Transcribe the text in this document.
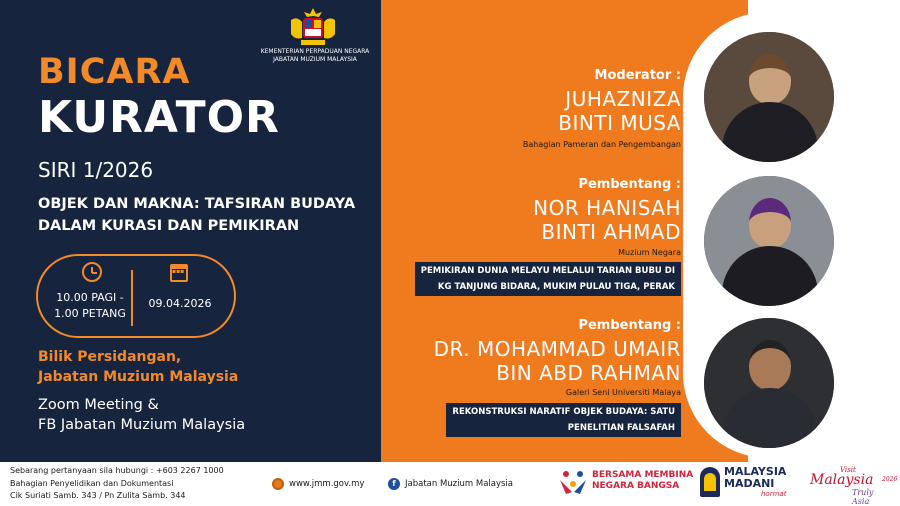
KEMENTERIAN PERPADUAN NEGARA
JABATAN MUZIUM MALAYSIA
BICARA
KURATOR
SIRI 1/2026
OBJEK DAN MAKNA: TAFSIRAN BUDAYA
DALAM KURASI DAN PEMIKIRAN
▪▪▪
10.00 PAGI -
1.00 PETANG
09.04.2026
Bilik Persidangan,
Jabatan Muzium Malaysia
Zoom Meeting &
FB Jabatan Muzium Malaysia
Moderator :
JUHAZNIZA
BINTI MUSA
Bahagian Pameran dan Pengembangan
Pembentang :
NOR HANISAH
BINTI AHMAD
Muzium Negara
PEMIKIRAN DUNIA MELAYU MELALUI TARIAN BUBU DI
KG TANJUNG BIDARA, MUKIM PULAU TIGA, PERAK
Pembentang :
DR. MOHAMMAD UMAIR
BIN ABD RAHMAN
Galeri Seni Universiti Malaya
REKONSTRUKSI NARATIF OBJEK BUDAYA: SATU
PENELITIAN FALSAFAH
Sebarang pertanyaan sila hubungi : +603 2267 1000
Bahagian Penyelidikan dan Dokumentasi
Cik Suriati Samb. 343 / Pn Zulita Samb. 344
www.jmm.gov.my	f	Jabatan Muzium Malaysia
BERSAMA MEMBINA
NEGARA BANGSA
MALAYSIA
MADANI
hormat
Visit
Malaysia 2026
Truly Asia
